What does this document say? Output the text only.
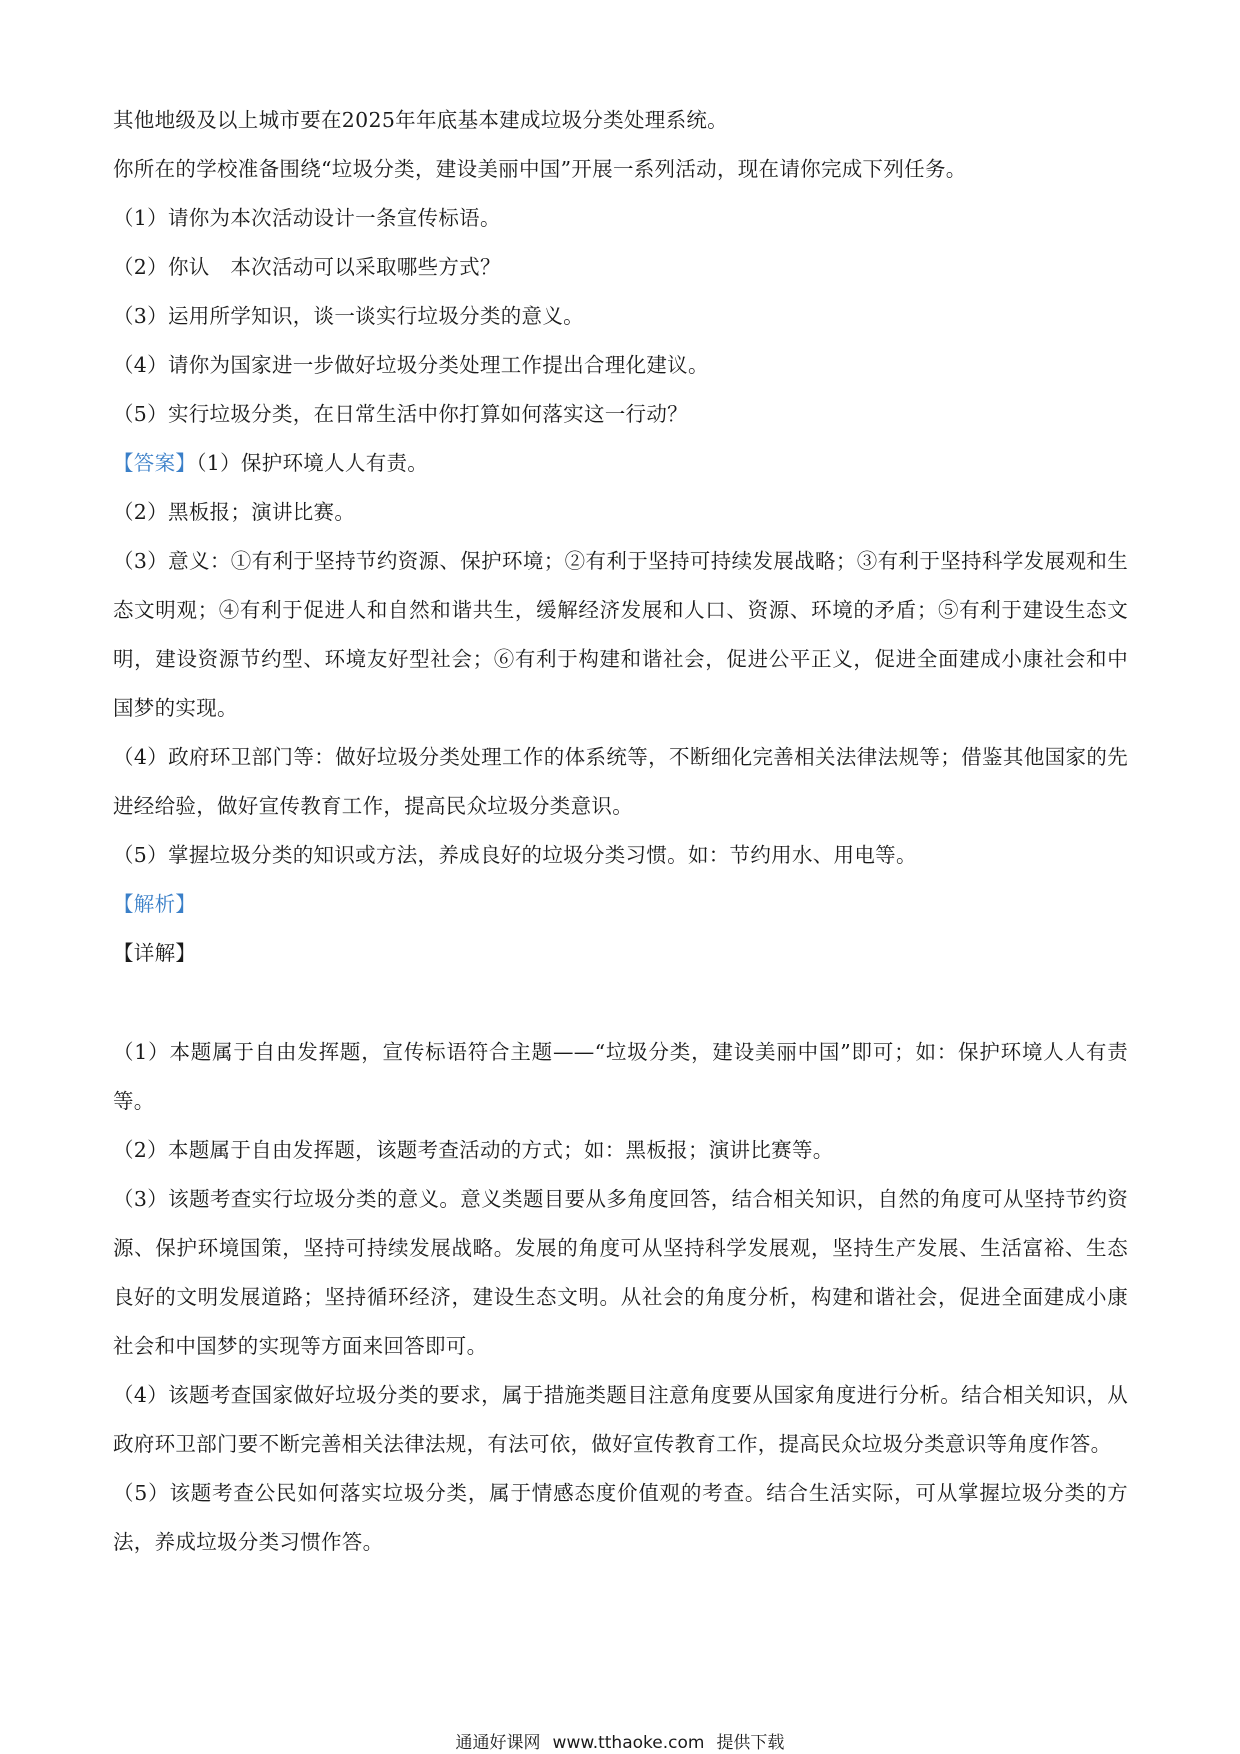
其他地级及以上城市要在2025年年底基本建成垃圾分类处理系统。
你所在的学校准备围绕“垃圾分类，建设美丽中国”开展一系列活动，现在请你完成下列任务。
（1）请你为本次活动设计一条宣传标语。
（2）你认　本次活动可以采取哪些方式？
（3）运用所学知识，谈一谈实行垃圾分类的意义。
（4）请你为国家进一步做好垃圾分类处理工作提出合理化建议。
（5）实行垃圾分类，在日常生活中你打算如何落实这一行动？
【答案】（1）保护环境人人有责。
（2）黑板报；演讲比赛。
（3）意义：①有利于坚持节约资源、保护环境；②有利于坚持可持续发展战略；③有利于坚持科学发展观和生态文明观；④有利于促进人和自然和谐共生，缓解经济发展和人口、资源、环境的矛盾；⑤有利于建设生态文明，建设资源节约型、环境友好型社会；⑥有利于构建和谐社会，促进公平正义，促进全面建成小康社会和中国梦的实现。
（4）政府环卫部门等：做好垃圾分类处理工作的体系统等，不断细化完善相关法律法规等；借鉴其他国家的先进经给验，做好宣传教育工作，提高民众垃圾分类意识。
（5）掌握垃圾分类的知识或方法，养成良好的垃圾分类习惯。如：节约用水、用电等。
【解析】
【详解】
（1）本题属于自由发挥题，宣传标语符合主题——“垃圾分类，建设美丽中国”即可；如：保护环境人人有责等。
（2）本题属于自由发挥题，该题考查活动的方式；如：黑板报；演讲比赛等。
（3）该题考查实行垃圾分类的意义。意义类题目要从多角度回答，结合相关知识，自然的角度可从坚持节约资源、保护环境国策，坚持可持续发展战略。发展的角度可从坚持科学发展观，坚持生产发展、生活富裕、生态良好的文明发展道路；坚持循环经济，建设生态文明。从社会的角度分析，构建和谐社会，促进全面建成小康社会和中国梦的实现等方面来回答即可。
（4）该题考查国家做好垃圾分类的要求，属于措施类题目注意角度要从国家角度进行分析。结合相关知识，从政府环卫部门要不断完善相关法律法规，有法可依，做好宣传教育工作，提高民众垃圾分类意识等角度作答。
（5）该题考查公民如何落实垃圾分类，属于情感态度价值观的考查。结合生活实际，可从掌握垃圾分类的方法，养成垃圾分类习惯作答。
通通好课网 www.tthaoke.com 提供下载
